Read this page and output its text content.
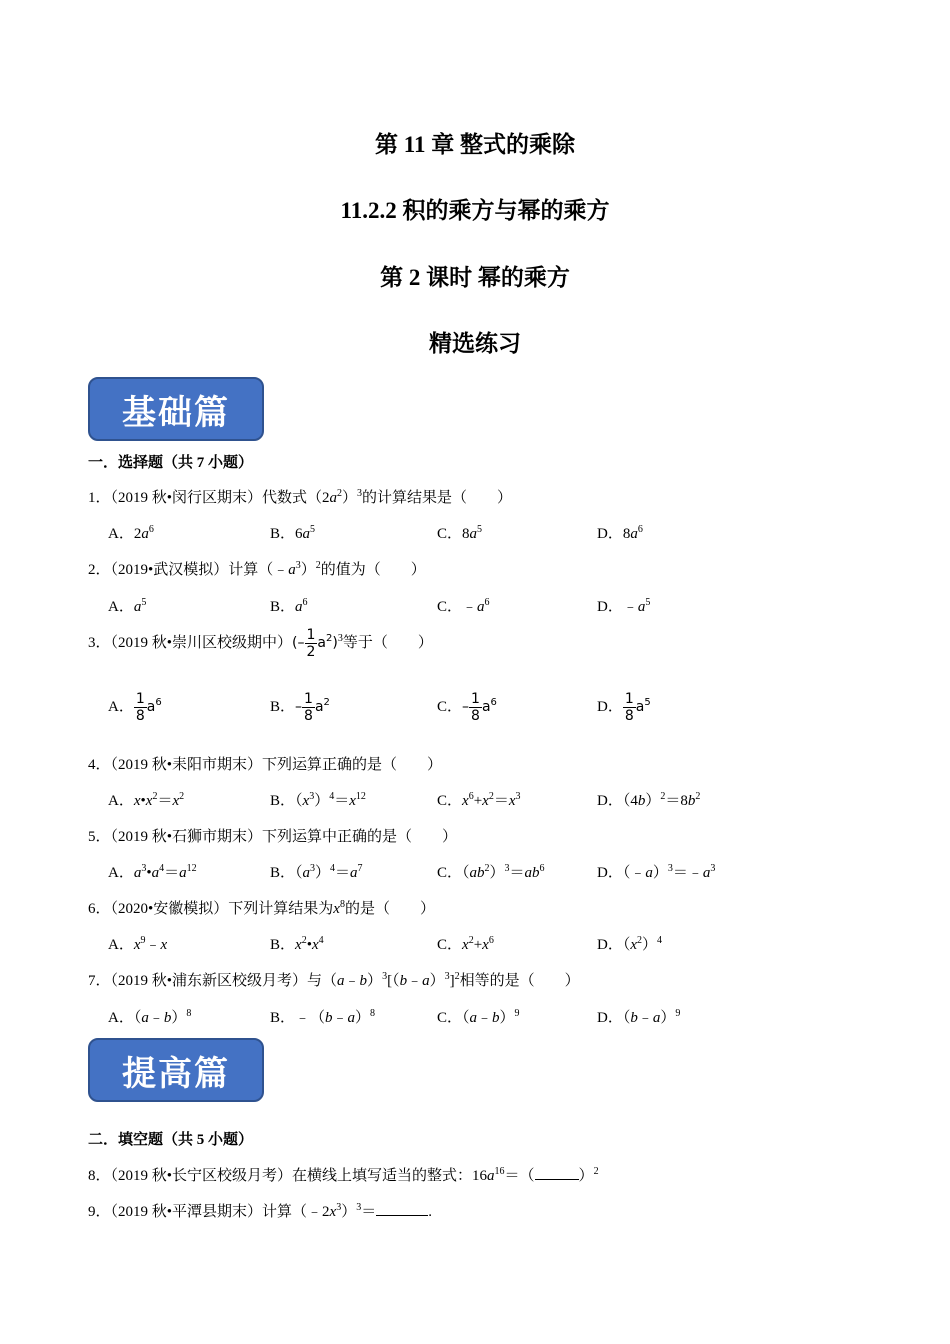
第 11 章 整式的乘除
11.2.2 积的乘方与幂的乘方
第 2 课时 幂的乘方
精选练习
基础篇
一．选择题（共 7 小题）
1．（2019 秋•闵行区期末）代数式$(2a^2)^3$的计算结果是（　　）
A．$2a^6$	B．$6a^5$	C．$8a^5$	D．$8a^6$
2．（2019•武汉模拟）计算$(﹣a^3)^2$的值为（　　）
A．$a^5$	B．$a^6$	C．$﹣a^6$	D．$﹣a^5$
3．（2019 秋•崇川区校级期中）(– $\frac{1}{2} a^2)^3$等于（　　）
A． $\frac{1}{8} a^6$	B．– $\frac{1}{8} a^2$	C．– $\frac{1}{8} a^6$	D． $\frac{1}{8} a^5$
4．（2019 秋•耒阳市期末）下列运算正确的是（　　）
A．$x•x^2=x^2$	B．$(x^3)^4=x^{12}$	C．$x^6+x^2=x^3$	D．$(4b)^2=8b^2$
5．（2019 秋•石狮市期末）下列运算中正确的是（　　）
A．$a^3•a^4=a^{12}$	B．$(a^3)^4=a^7$	C．$(ab^2)^3=ab^6$	D．$(﹣a)^3=﹣a^3$
6．（2020•安徽模拟）下列计算结果为$x^8$的是（　　）
A．$x^9﹣x$	B．$x^2•x^4$	C．$x^2+x^6$	D．$(x^2)^4$
7．（2019 秋•浦东新区校级月考）与（a﹣b）$^3$[（b﹣a）$^3$]$^2$相等的是（　　）
A．（a﹣b）$^8$	B．﹣（b﹣a）$^8$	C．（a﹣b）$^9$	D．（b﹣a）$^9$
提高篇
二．填空题（共 5 小题）
8．（2019 秋•长宁区校级月考）在横线上填写适当的整式：$16a^{16}=$（	）$^2$
9．（2019 秋•平潭县期末）计算$(﹣2x^3)^3=$	.
